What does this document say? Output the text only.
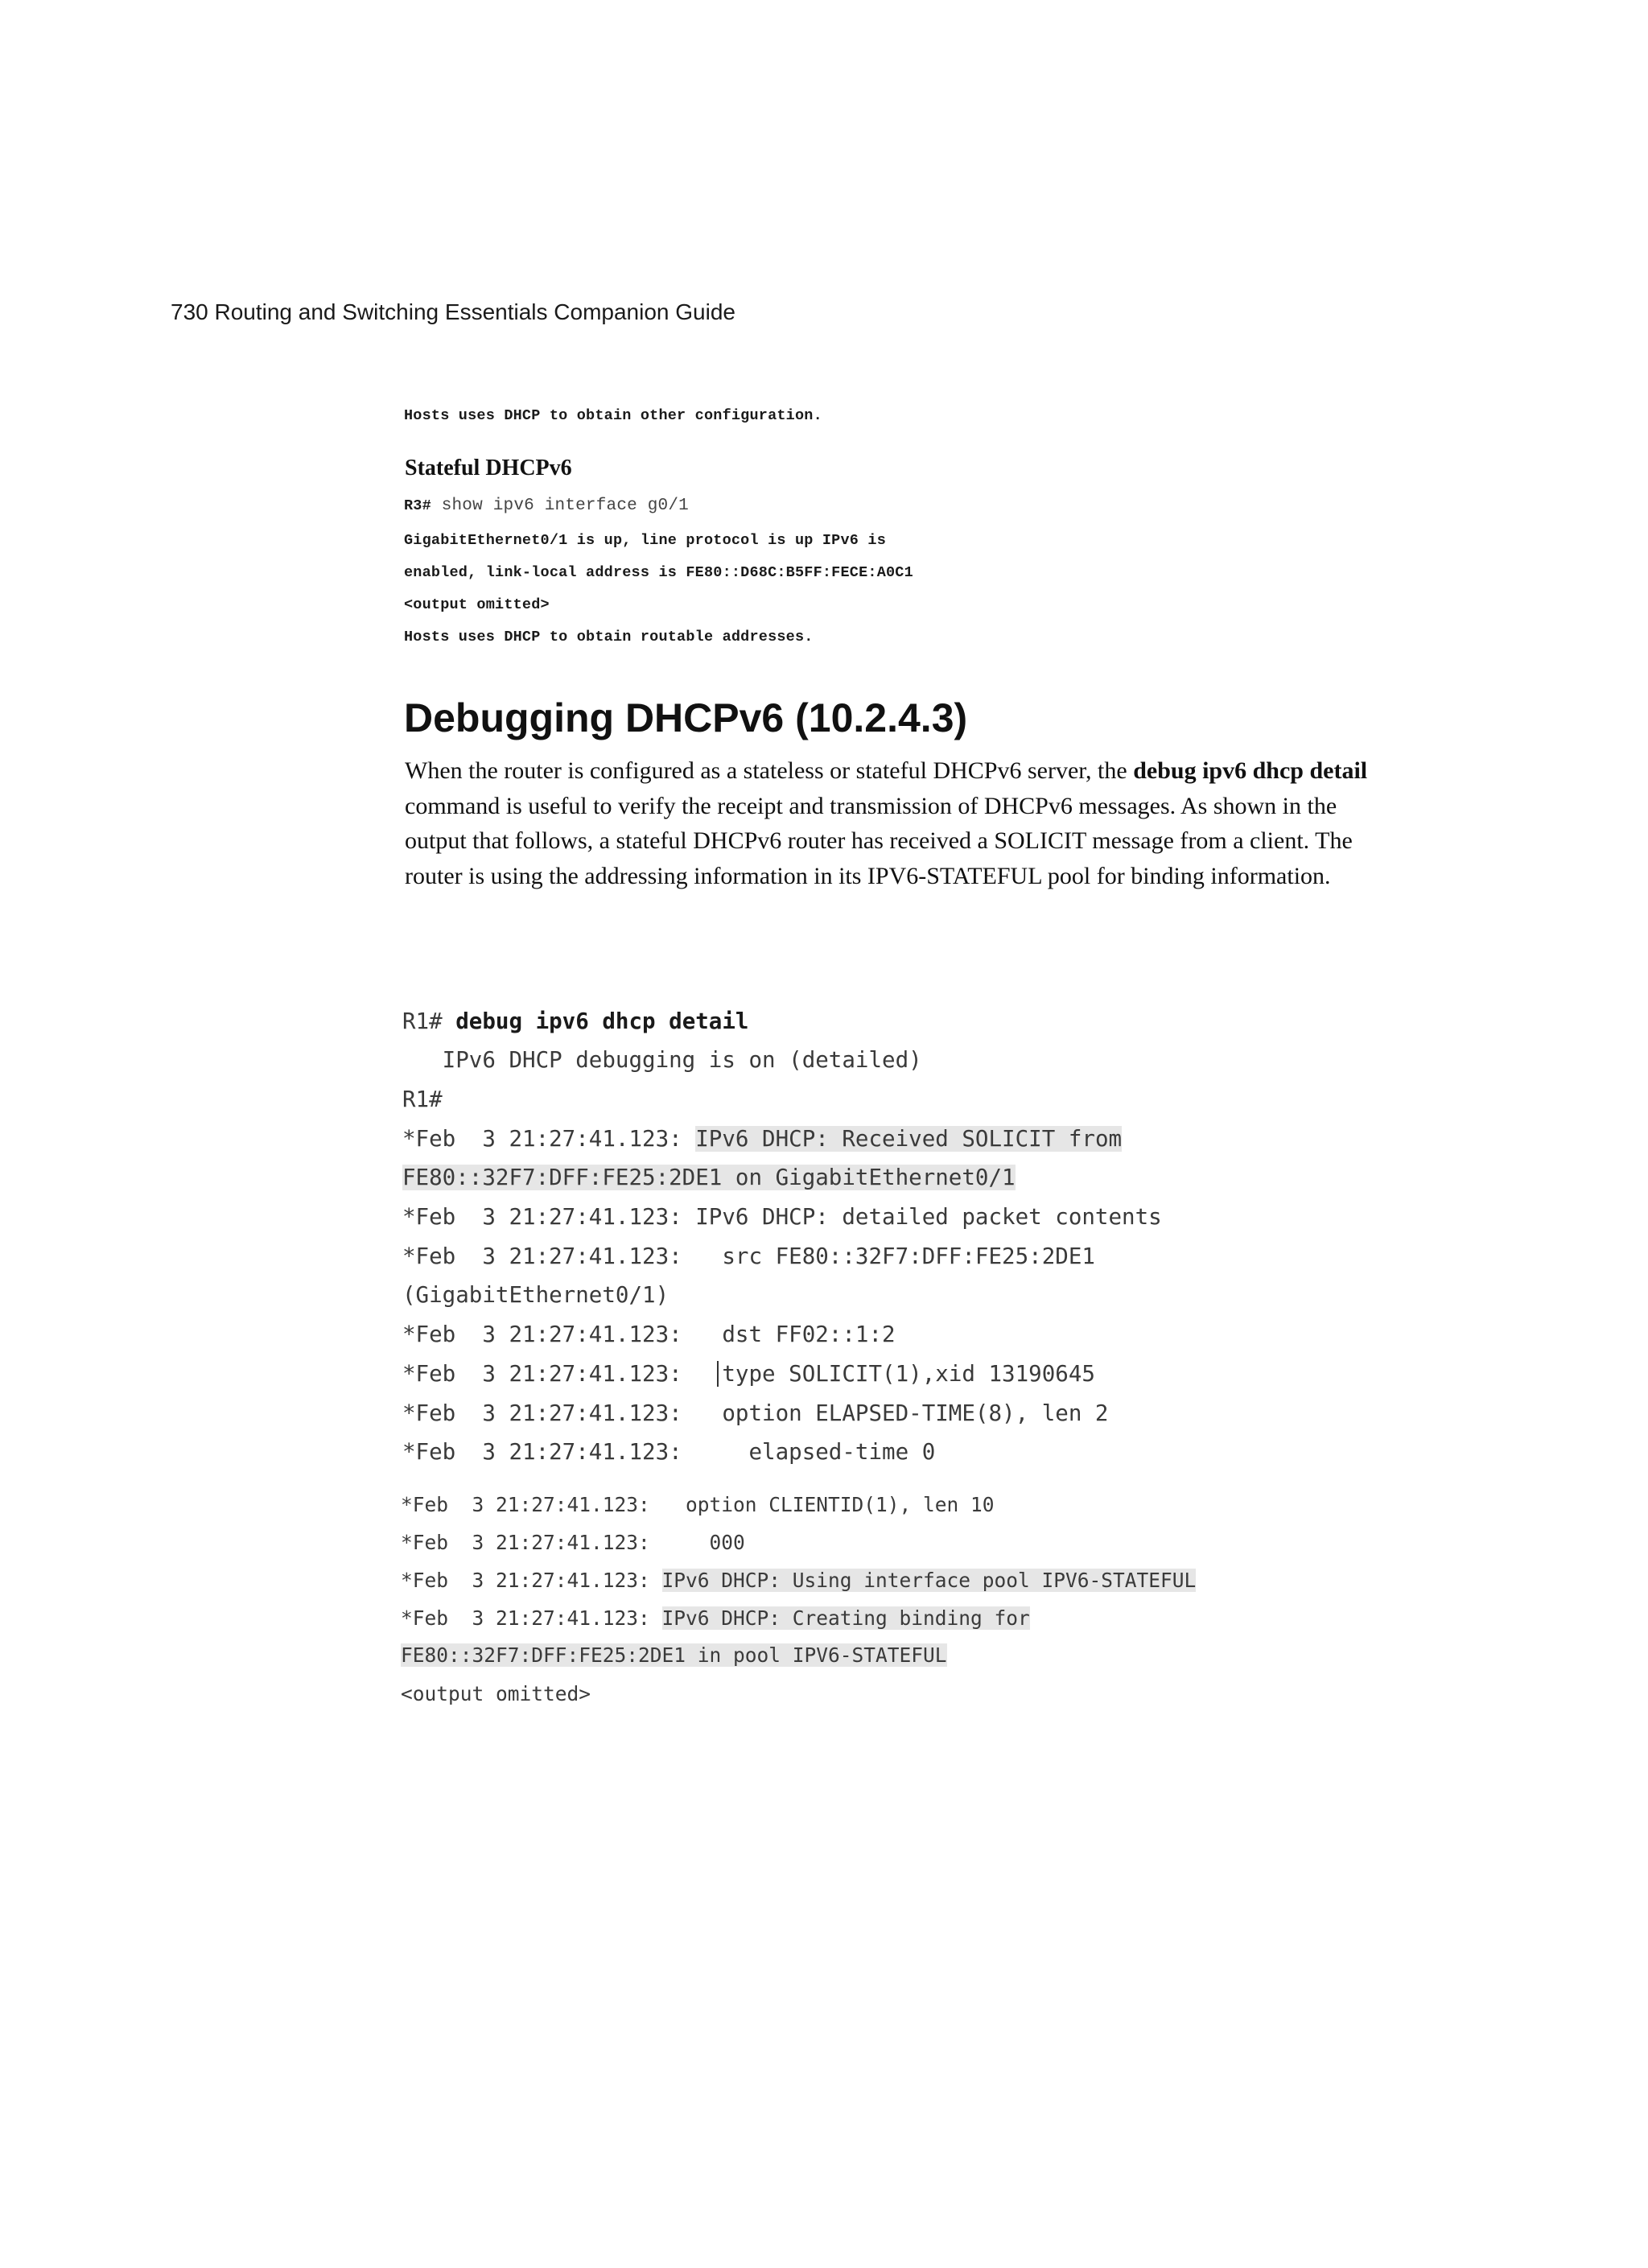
730 Routing and Switching Essentials Companion Guide
Hosts uses DHCP to obtain other configuration.
Stateful DHCPv6
R3# show ipv6 interface g0/1
GigabitEthernet0/1 is up, line protocol is up IPv6 is
enabled, link-local address is FE80::D68C:B5FF:FECE:A0C1
<output omitted>
Hosts uses DHCP to obtain routable addresses.
Debugging DHCPv6 (10.2.4.3)
When the router is configured as a stateless or stateful DHCPv6 server, the debug ipv6 dhcp detail command is useful to verify the receipt and transmission of DHCPv6 messages. As shown in the output that follows, a stateful DHCPv6 router has received a SOLICIT message from a client. The router is using the addressing information in its IPV6-STATEFUL pool for binding information.
R1# debug ipv6 dhcp detail
IPv6 DHCP debugging is on (detailed)
R1#
*Feb  3 21:27:41.123: IPv6 DHCP: Received SOLICIT from
FE80::32F7:DFF:FE25:2DE1 on GigabitEthernet0/1
*Feb  3 21:27:41.123: IPv6 DHCP: detailed packet contents
*Feb  3 21:27:41.123:   src FE80::32F7:DFF:FE25:2DE1
(GigabitEthernet0/1)
*Feb  3 21:27:41.123:   dst FF02::1:2
*Feb  3 21:27:41.123:   type SOLICIT(1),xid 13190645
*Feb  3 21:27:41.123:   option ELAPSED-TIME(8), len 2
*Feb  3 21:27:41.123:     elapsed-time 0
*Feb  3 21:27:41.123:   option CLIENTID(1), len 10
*Feb  3 21:27:41.123:     000
*Feb  3 21:27:41.123: IPv6 DHCP: Using interface pool IPV6-STATEFUL
*Feb  3 21:27:41.123: IPv6 DHCP: Creating binding for
FE80::32F7:DFF:FE25:2DE1 in pool IPV6-STATEFUL
<output omitted>
